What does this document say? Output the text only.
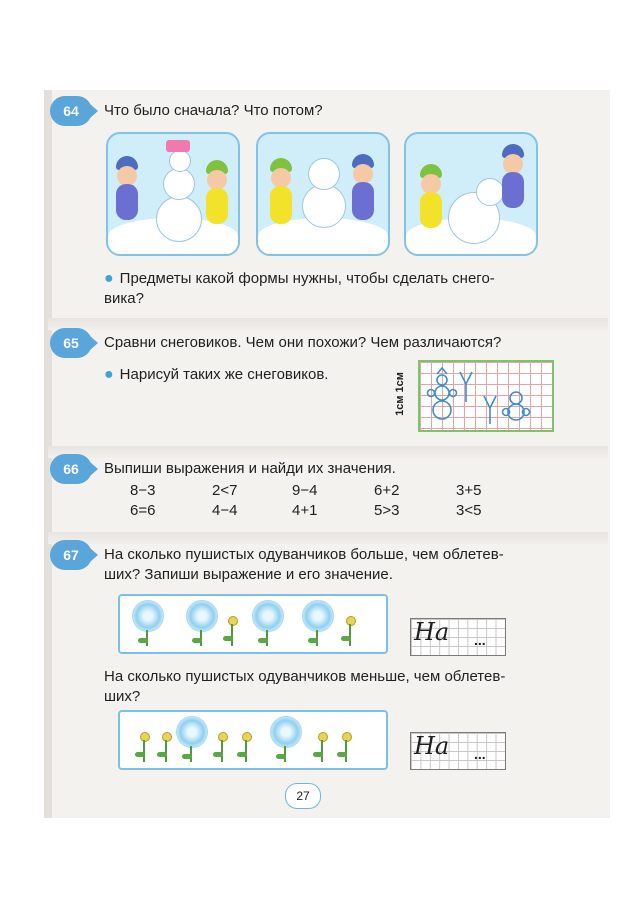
64 Что было сначала? Что потом?
● Предметы какой формы нужны, чтобы сделать снего-
вика?
65 Сравни снеговиков. Чем они похожи? Чем различаются?
● Нарисуй таких же снеговиков.	1см 1см
66 Выпиши выражения и найди их значения.
8−3	2<7	9−4	6+2	3+5
6=6	4−4	4+1	5>3	3<5
67 На сколько пушистых одуванчиков больше, чем облетев-
ших? Запиши выражение и его значение.
На ...
На сколько пушистых одуванчиков меньше, чем облетев-
ших?
На ...
27
